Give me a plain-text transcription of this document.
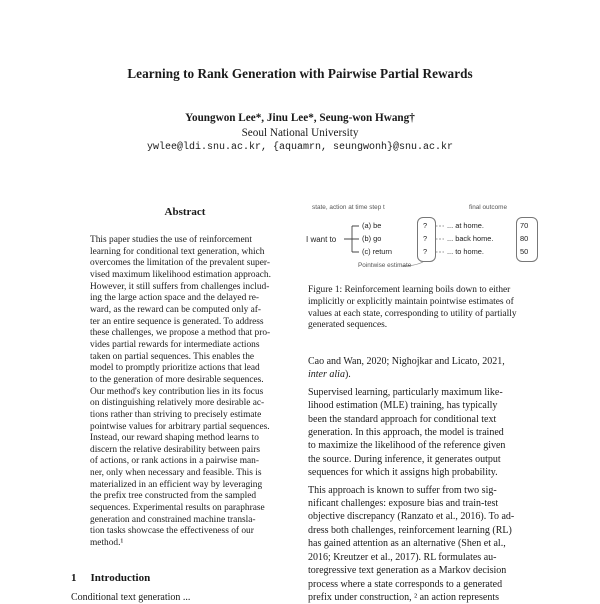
Learning to Rank Generation with Pairwise Partial Rewards
Youngwon Lee*, Jinu Lee*, Seung-won Hwang†
Seoul National University
ywlee@ldi.snu.ac.kr, {aquamrn, seungwonh}@snu.ac.kr
Abstract
This paper studies the use of reinforcement
learning for conditional text generation, which
overcomes the limitation of the prevalent super-
vised maximum likelihood estimation approach.
However, it still suffers from challenges includ-
ing the large action space and the delayed re-
ward, as the reward can be computed only af-
ter an entire sequence is generated. To address
these challenges, we propose a method that pro-
vides partial rewards for intermediate actions
taken on partial sequences. This enables the
model to promptly prioritize actions that lead
to the generation of more desirable sequences.
Our method's key contribution lies in its focus
on distinguishing relatively more desirable ac-
tions rather than striving to precisely estimate
pointwise values for arbitrary partial sequences.
Instead, our reward shaping method learns to
discern the relative desirability between pairs
of actions, or rank actions in a pairwise man-
ner, only when necessary and feasible. This is
materialized in an efficient way by leveraging
the prefix tree constructed from the sampled
sequences. Experimental results on paraphrase
generation and constrained machine transla-
tion tasks showcase the effectiveness of our
method.¹
1 Introduction
Conditional text generation ...
state, action at time step t	final outcome
I want to
(a) be
(b) go
(c) return
?
?
?
... at home.
... back home.
... to home.
70
80
50
Pointwise estimate
Figure 1: Reinforcement learning boils down to either
implicitly or explicitly maintain pointwise estimates of
values at each state, corresponding to utility of partially
generated sequences.
Cao and Wan, 2020; Nighojkar and Licato, 2021,
inter alia).
Supervised learning, particularly maximum like-
lihood estimation (MLE) training, has typically
been the standard approach for conditional text
generation. In this approach, the model is trained
to maximize the likelihood of the reference given
the source. During inference, it generates output
sequences for which it assigns high probability.
This approach is known to suffer from two sig-
nificant challenges: exposure bias and train-test
objective discrepancy (Ranzato et al., 2016). To ad-
dress both challenges, reinforcement learning (RL)
has gained attention as an alternative (Shen et al.,
2016; Kreutzer et al., 2017). RL formulates au-
toregressive text generation as a Markov decision
process where a state corresponds to a generated
prefix under construction, ² an action represents
